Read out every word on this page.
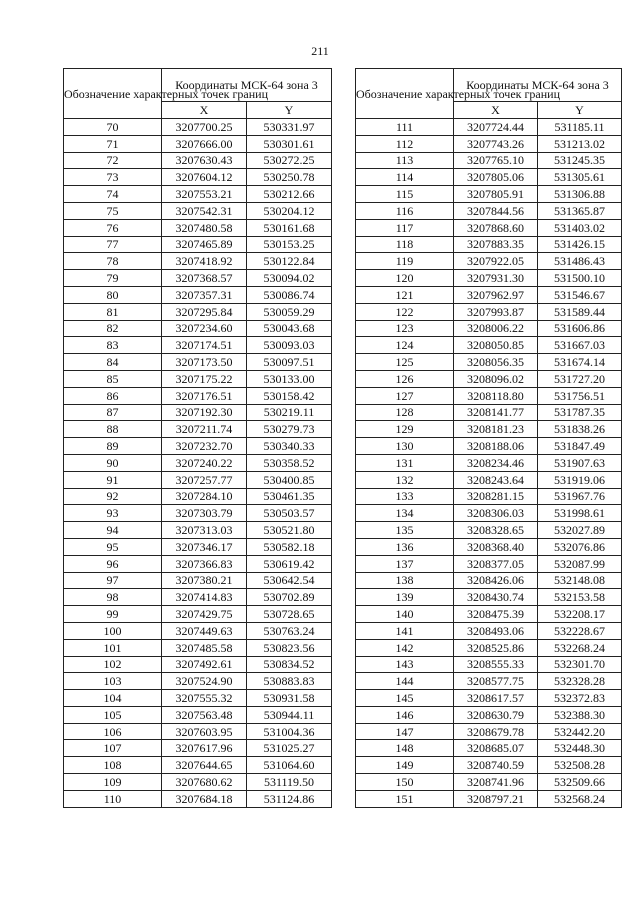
211
Обозначение характерных точек границ	Координаты МСК-64 зона 3	
	X	Y
70	3207700.25	530331.97
71	3207666.00	530301.61
72	3207630.43	530272.25
73	3207604.12	530250.78
74	3207553.21	530212.66
75	3207542.31	530204.12
76	3207480.58	530161.68
77	3207465.89	530153.25
78	3207418.92	530122.84
79	3207368.57	530094.02
80	3207357.31	530086.74
81	3207295.84	530059.29
82	3207234.60	530043.68
83	3207174.51	530093.03
84	3207173.50	530097.51
85	3207175.22	530133.00
86	3207176.51	530158.42
87	3207192.30	530219.11
88	3207211.74	530279.73
89	3207232.70	530340.33
90	3207240.22	530358.52
91	3207257.77	530400.85
92	3207284.10	530461.35
93	3207303.79	530503.57
94	3207313.03	530521.80
95	3207346.17	530582.18
96	3207366.83	530619.42
97	3207380.21	530642.54
98	3207414.83	530702.89
99	3207429.75	530728.65
100	3207449.63	530763.24
101	3207485.58	530823.56
102	3207492.61	530834.52
103	3207524.90	530883.83
104	3207555.32	530931.58
105	3207563.48	530944.11
106	3207603.95	531004.36
107	3207617.96	531025.27
108	3207644.65	531064.60
109	3207680.62	531119.50
110	3207684.18	531124.86
Обозначение характерных точек границ	Координаты МСК-64 зона 3	
	X	Y
111	3207724.44	531185.11
112	3207743.26	531213.02
113	3207765.10	531245.35
114	3207805.06	531305.61
115	3207805.91	531306.88
116	3207844.56	531365.87
117	3207868.60	531403.02
118	3207883.35	531426.15
119	3207922.05	531486.43
120	3207931.30	531500.10
121	3207962.97	531546.67
122	3207993.87	531589.44
123	3208006.22	531606.86
124	3208050.85	531667.03
125	3208056.35	531674.14
126	3208096.02	531727.20
127	3208118.80	531756.51
128	3208141.77	531787.35
129	3208181.23	531838.26
130	3208188.06	531847.49
131	3208234.46	531907.63
132	3208243.64	531919.06
133	3208281.15	531967.76
134	3208306.03	531998.61
135	3208328.65	532027.89
136	3208368.40	532076.86
137	3208377.05	532087.99
138	3208426.06	532148.08
139	3208430.74	532153.58
140	3208475.39	532208.17
141	3208493.06	532228.67
142	3208525.86	532268.24
143	3208555.33	532301.70
144	3208577.75	532328.28
145	3208617.57	532372.83
146	3208630.79	532388.30
147	3208679.78	532442.20
148	3208685.07	532448.30
149	3208740.59	532508.28
150	3208741.96	532509.66
151	3208797.21	532568.24
